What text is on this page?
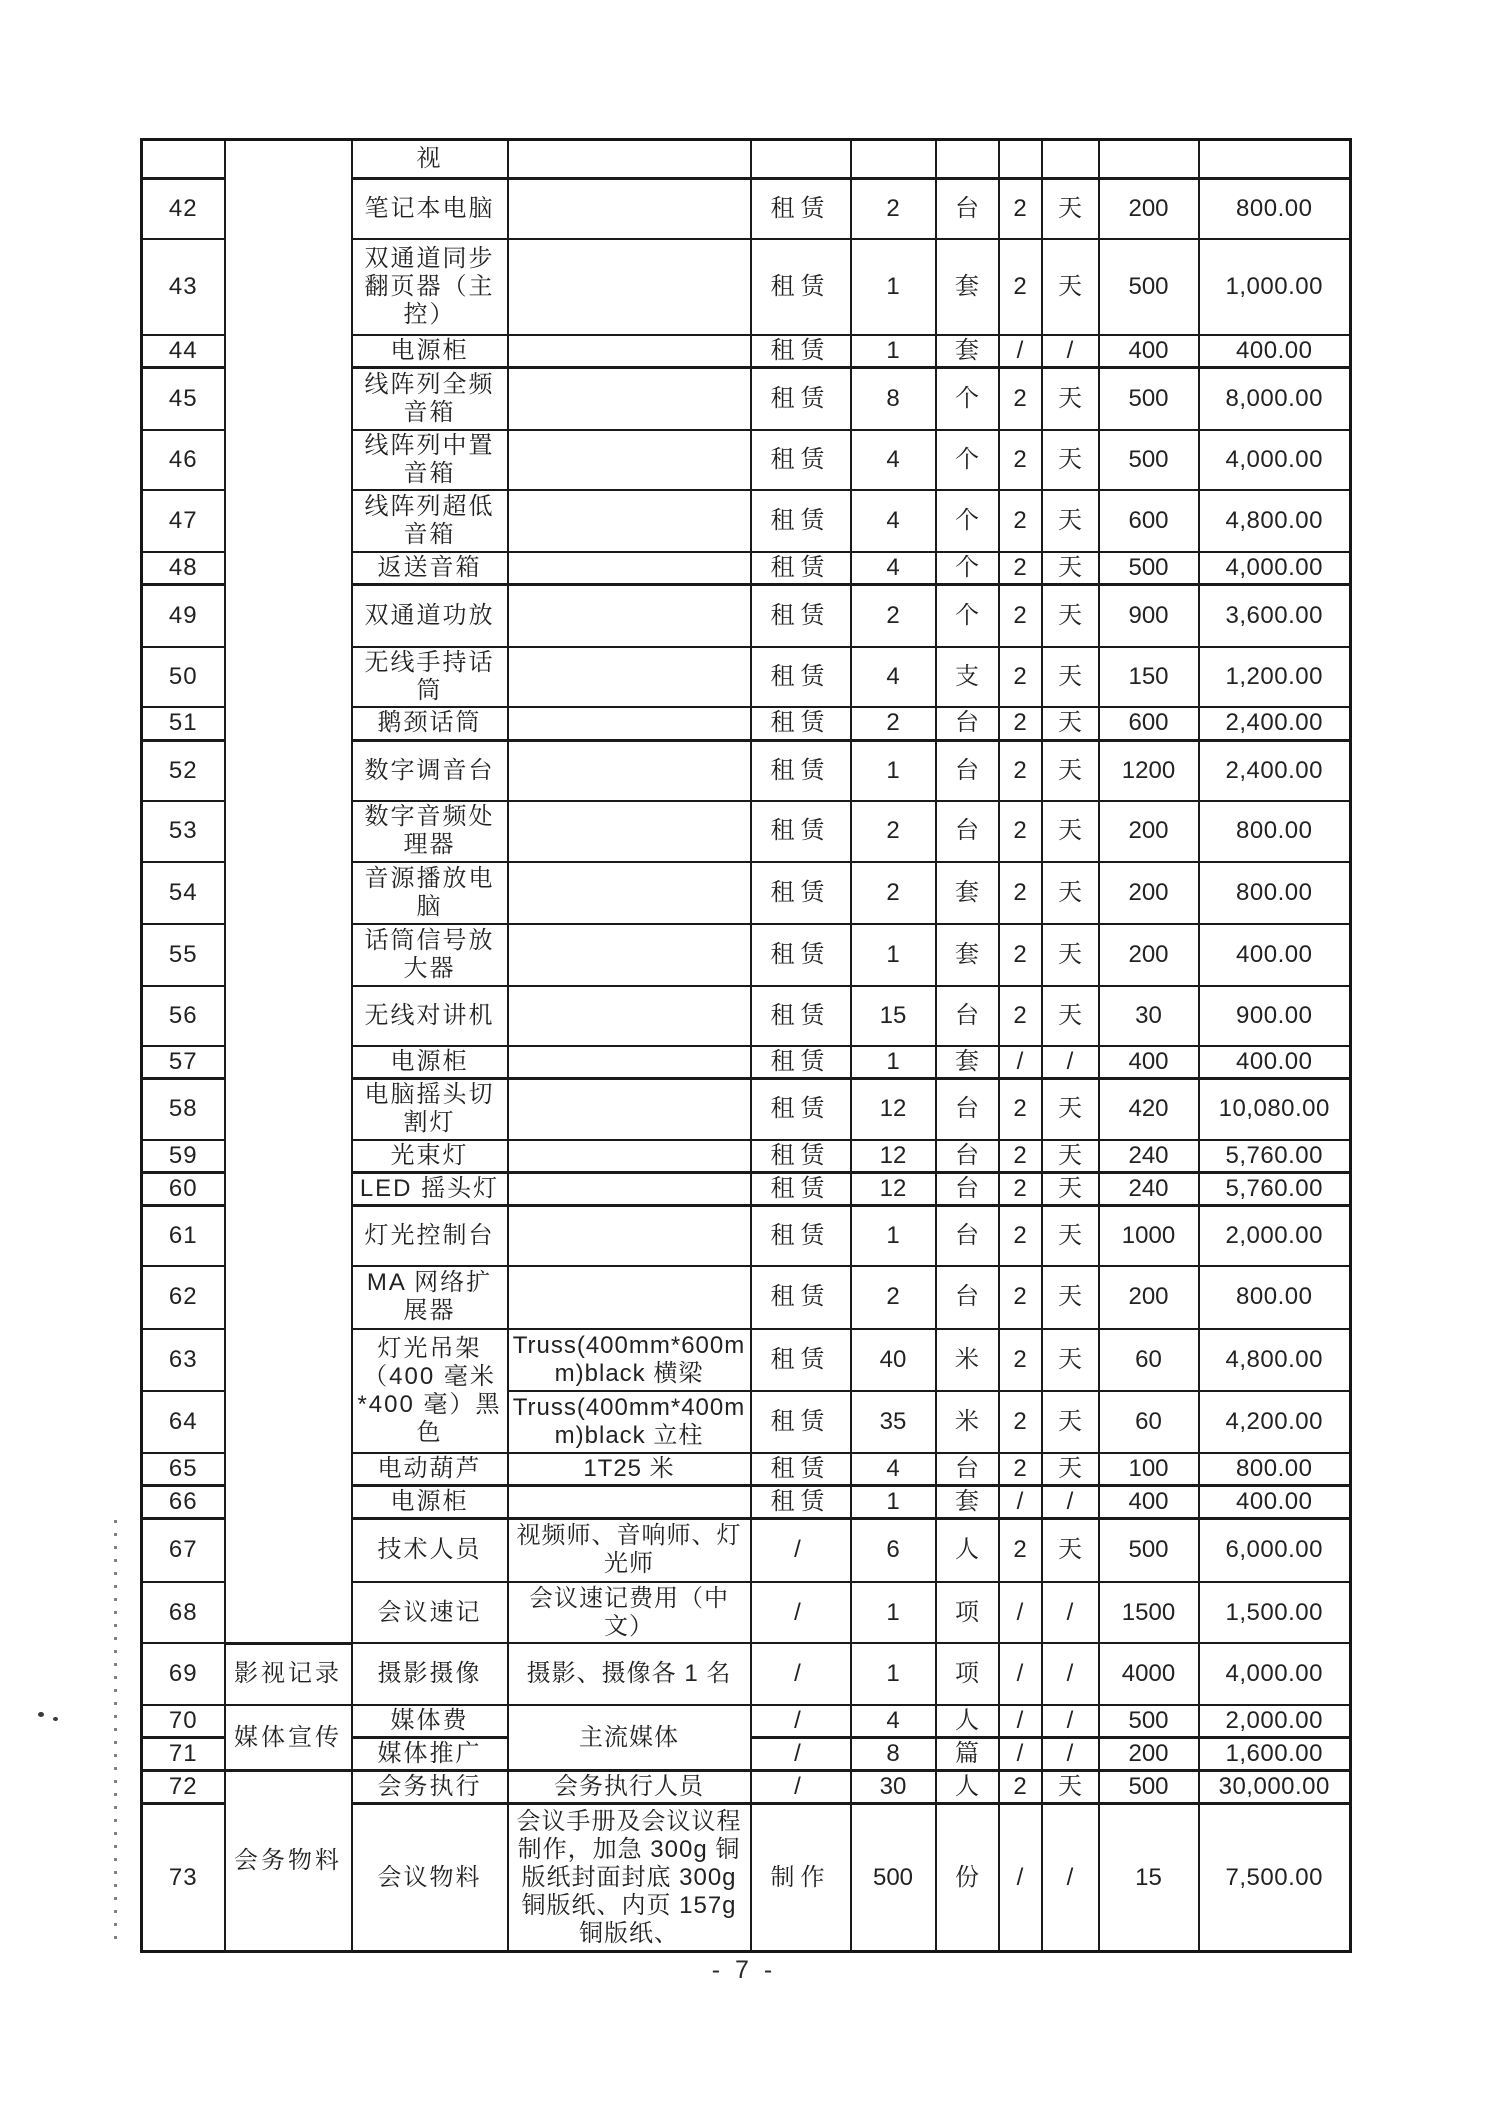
		视								
42		笔记本电脑		租赁	2	台	2	天	200	800.00
43		双通道同步翻页器（主控）		租赁	1	套	2	天	500	1,000.00
44		电源柜		租赁	1	套	/	/	400	400.00
45		线阵列全频音箱		租赁	8	个	2	天	500	8,000.00
46		线阵列中置音箱		租赁	4	个	2	天	500	4,000.00
47		线阵列超低音箱		租赁	4	个	2	天	600	4,800.00
48		返送音箱		租赁	4	个	2	天	500	4,000.00
49		双通道功放		租赁	2	个	2	天	900	3,600.00
50		无线手持话筒		租赁	4	支	2	天	150	1,200.00
51		鹅颈话筒		租赁	2	台	2	天	600	2,400.00
52		数字调音台		租赁	1	台	2	天	1200	2,400.00
53		数字音频处理器		租赁	2	台	2	天	200	800.00
54		音源播放电脑		租赁	2	套	2	天	200	800.00
55		话筒信号放大器		租赁	1	套	2	天	200	400.00
56		无线对讲机		租赁	15	台	2	天	30	900.00
57		电源柜		租赁	1	套	/	/	400	400.00
58		电脑摇头切割灯		租赁	12	台	2	天	420	10,080.00
59		光束灯		租赁	12	台	2	天	240	5,760.00
60		LED 摇头灯		租赁	12	台	2	天	240	5,760.00
61		灯光控制台		租赁	1	台	2	天	1000	2,000.00
62		MA 网络扩展器		租赁	2	台	2	天	200	800.00
63		灯光吊架（400 毫米*400 毫）黑色	Truss(400mm*600mm)black 横梁	租赁	40	米	2	天	60	4,800.00
64			Truss(400mm*400mm)black 立柱	租赁	35	米	2	天	60	4,200.00
65		电动葫芦	1T25 米	租赁	4	台	2	天	100	800.00
66		电源柜		租赁	1	套	/	/	400	400.00
67		技术人员	视频师、音响师、灯光师	/	6	人	2	天	500	6,000.00
68		会议速记	会议速记费用（中文）	/	1	项	/	/	1500	1,500.00
69	影视记录	摄影摄像	摄影、摄像各 1 名	/	1	项	/	/	4000	4,000.00
70	媒体宣传	媒体费	主流媒体	/	4	人	/	/	500	2,000.00
71		媒体推广		/	8	篇	/	/	200	1,600.00
72	会务物料	会务执行	会务执行人员	/	30	人	2	天	500	30,000.00
73		会议物料	会议手册及会议议程制作，加急 300g 铜版纸封面封底 300g 铜版纸、内页 157g 铜版纸、	制作	500	份	/	/	15	7,500.00
- 7 -
